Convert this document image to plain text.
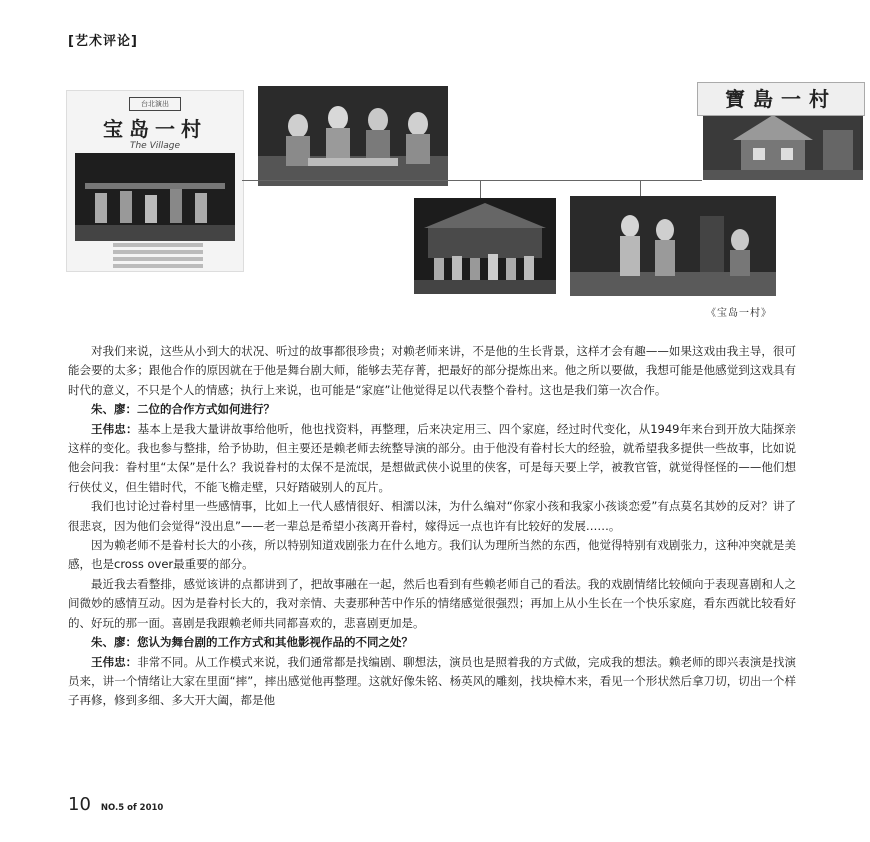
[艺术评论]
台北演出
宝岛一村
The Village
寶島一村
《宝岛一村》

对我们来说，这些从小到大的状况、听过的故事都很珍贵；对赖老师来讲，不是他的生长背景，这样才会有趣——如果这戏由我主导，很可能会要的太多；跟他合作的原因就在于他是舞台剧大师，能够去芜存菁，把最好的部分提炼出来。他之所以要做，我想可能是他感觉到这戏具有时代的意义，不只是个人的情感；执行上来说，也可能是“家庭”让他觉得足以代表整个眷村。这也是我们第一次合作。

朱、廖：二位的合作方式如何进行？

王伟忠：基本上是我大量讲故事给他听，他也找资料，再整理，后来决定用三、四个家庭，经过时代变化，从1949年来台到开放大陆探亲这样的变化。我也参与整排，给予协助，但主要还是赖老师去统整导演的部分。由于他没有眷村长大的经验，就希望我多提供一些故事，比如说他会问我：眷村里“太保”是什么？我说眷村的太保不是流氓，是想做武侠小说里的侠客，可是每天要上学，被教官管，就觉得怪怪的——他们想行侠仗义，但生错时代，不能飞檐走壁，只好踏破别人的瓦片。

我们也讨论过眷村里一些感情事，比如上一代人感情很好、相濡以沫，为什么编对“你家小孩和我家小孩谈恋爱”有点莫名其妙的反对？讲了很悲哀，因为他们会觉得“没出息”——老一辈总是希望小孩离开眷村，嫁得远一点也许有比较好的发展……。

因为赖老师不是眷村长大的小孩，所以特别知道戏剧张力在什么地方。我们认为理所当然的东西，他觉得特别有戏剧张力，这种冲突就是美感，也是cross over最重要的部分。

最近我去看整排，感觉该讲的点都讲到了，把故事融在一起，然后也看到有些赖老师自己的看法。我的戏剧情绪比较倾向于表现喜剧和人之间微妙的感情互动。因为是眷村长大的，我对亲情、夫妻那种苦中作乐的情绪感觉很强烈；再加上从小生长在一个快乐家庭，看东西就比较看好的、好玩的那一面。喜剧是我跟赖老师共同都喜欢的，悲喜剧更加是。

朱、廖：您认为舞台剧的工作方式和其他影视作品的不同之处？

王伟忠：非常不同。从工作模式来说，我们通常都是找编剧、聊想法，演员也是照着我的方式做，完成我的想法。赖老师的即兴表演是找演员来，讲一个情绪让大家在里面“摔”，摔出感觉他再整理。这就好像朱铭、杨英风的雕刻，找块樟木来，看见一个形状然后拿刀切，切出一个样子再修，修到多细、多大开大阖，都是他

10 NO.5 of 2010
